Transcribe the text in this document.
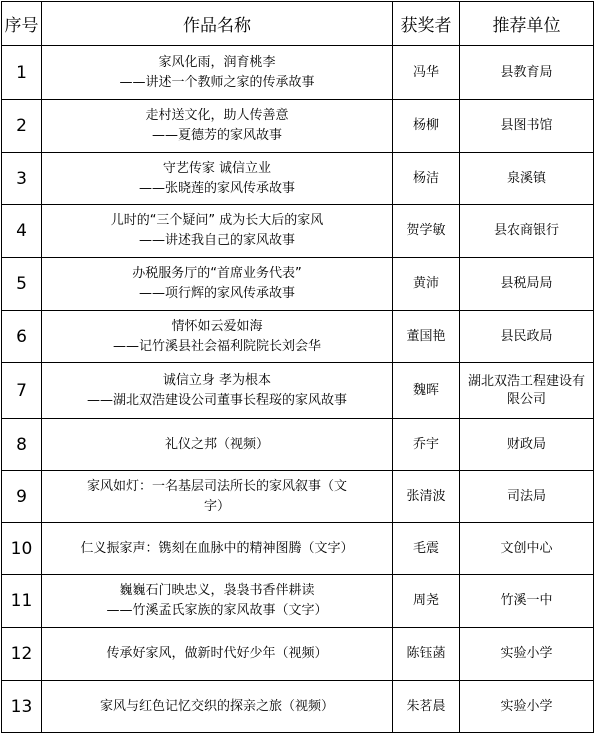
序号	作品名称	获奖者	推荐单位
1	家风化雨，润育桃李
——讲述一个教师之家的传承故事	冯华	县教育局
2	走村送文化，助人传善意
——夏德芳的家风故事	杨柳	县图书馆
3	守艺传家 诚信立业
——张晓莲的家风传承故事	杨洁	泉溪镇
4	儿时的“三个疑问” 成为长大后的家风
——讲述我自己的家风故事	贺学敏	县农商银行
5	办税服务厅的“首席业务代表”
——项行辉的家风传承故事	黄沛	县税局局
6	情怀如云爱如海
——记竹溪县社会福利院院长刘会华	董国艳	县民政局
7	诚信立身 孝为根本
——湖北双浩建设公司董事长程珱的家风故事	魏晖	湖北双浩工程建设有限公司
8	礼仪之邦（视频）	乔宇	财政局
9	家风如灯：一名基层司法所长的家风叙事（文
字）	张清波	司法局
10	仁义振家声：镌刻在血脉中的精神图腾（文字）	毛震	文创中心
11	巍巍石门映忠义，袅袅书香伴耕读
——竹溪孟氏家族的家风故事（文字）	周尧	竹溪一中
12	传承好家风，做新时代好少年（视频）	陈钰菡	实验小学
13	家风与红色记忆交织的探亲之旅（视频）	朱茗晨	实验小学
